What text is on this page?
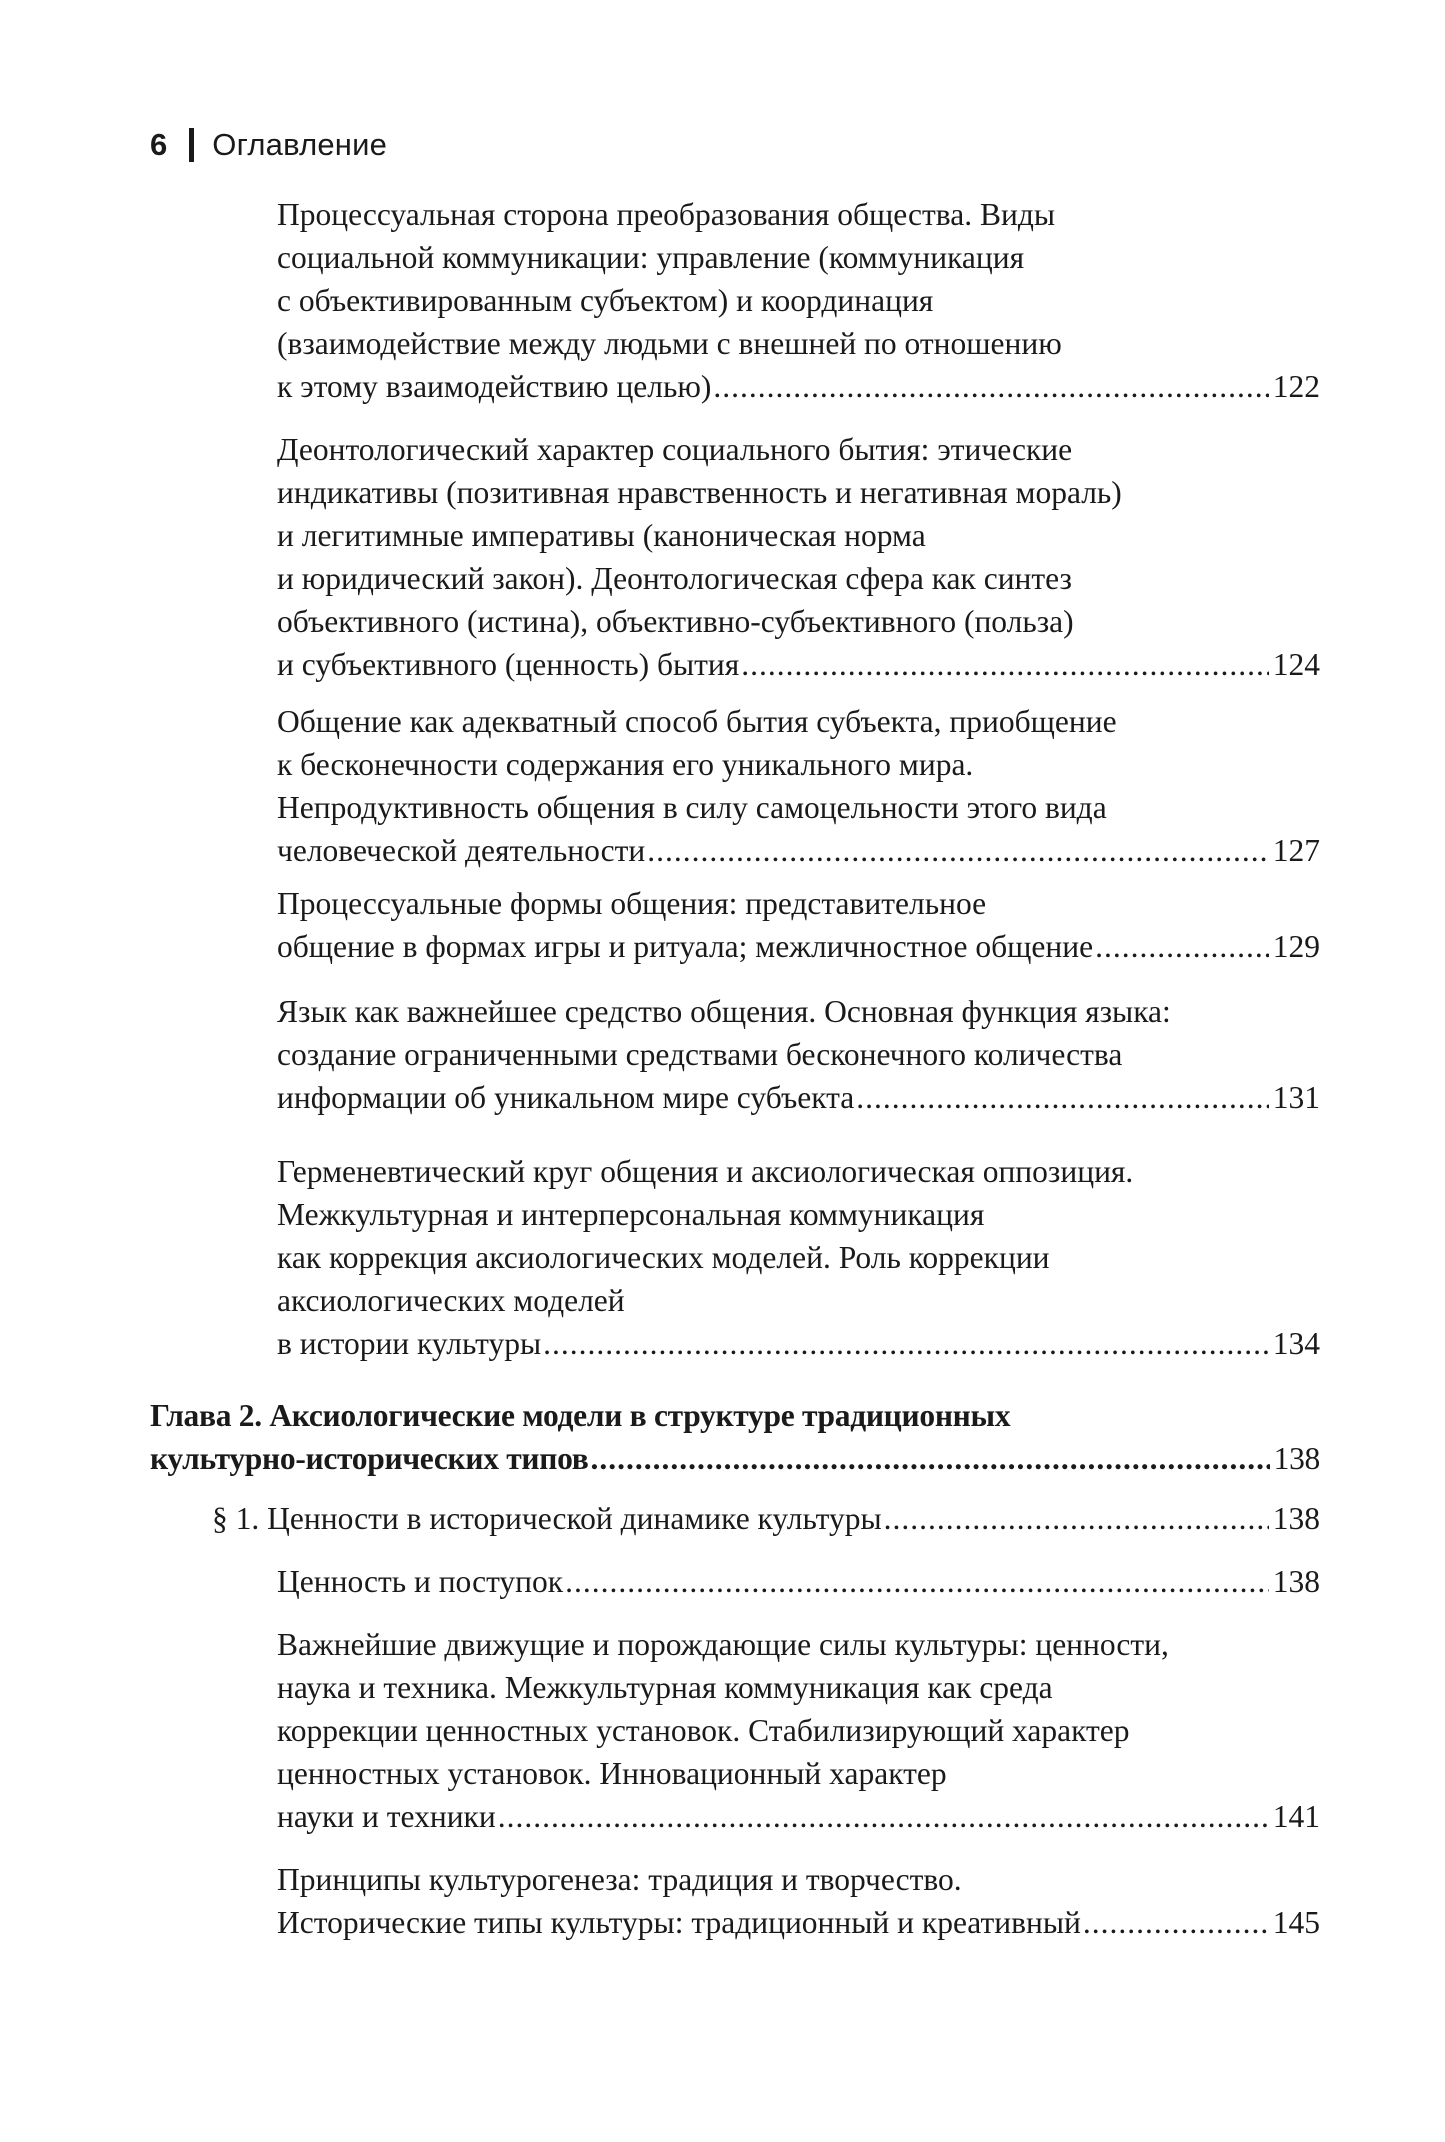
6 Оглавление
Процессуальная сторона преобразования общества. Виды
социальной коммуникации: управление (коммуникация
с объективированным субъектом) и координация
(взаимодействие между людьми с внешней по отношению
к этому взаимодействию целью) .....	122
Деонтологический характер социального бытия: этические
индикативы (позитивная нравственность и негативная мораль)
и легитимные императивы (каноническая норма
и юридический закон). Деонтологическая сфера как синтез
объективного (истина), объективно-субъективного (польза)
и субъективного (ценность) бытия .....	124
Общение как адекватный способ бытия субъекта, приобщение
к бесконечности содержания его уникального мира.
Непродуктивность общения в силу самоцельности этого вида
человеческой деятельности .....	127
Процессуальные формы общения: представительное
общение в формах игры и ритуала; межличностное общение .....	129
Язык как важнейшее средство общения. Основная функция языка:
создание ограниченными средствами бесконечного количества
информации об уникальном мире субъекта .....	131
Герменевтический круг общения и аксиологическая оппозиция.
Межкультурная и интерперсональная коммуникация
как коррекция аксиологических моделей. Роль коррекции
аксиологических моделей
в истории культуры .....	134
Глава 2. Аксиологические модели в структуре традиционных
культурно-исторических типов .....	138
§ 1. Ценности в исторической динамике культуры .....	138
Ценность и поступок .....	138
Важнейшие движущие и порождающие силы культуры: ценности,
наука и техника. Межкультурная коммуникация как среда
коррекции ценностных установок. Стабилизирующий характер
ценностных установок. Инновационный характер
науки и техники .....	141
Принципы культурогенеза: традиция и творчество.
Исторические типы культуры: традиционный и креативный .....	145
